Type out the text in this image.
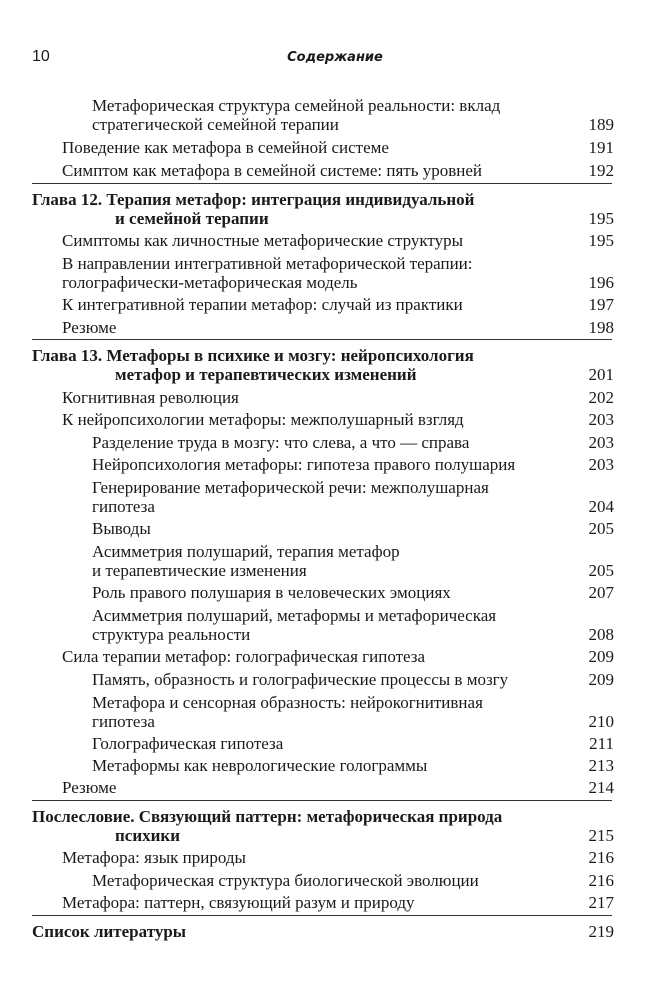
10	Содержание
Метафорическая структура семейной реальности: вклад
стратегической семейной терапии	189
Поведение как метафора в семейной системе	191
Симптом как метафора в семейной системе: пять уровней	192
Глава 12. Терапия метафор: интеграция индивидуальной
и семейной терапии	195
Симптомы как личностные метафорические структуры	195
В направлении интегративной метафорической терапии:
голографически-метафорическая модель	196
К интегративной терапии метафор: случай из практики	197
Резюме	198
Глава 13. Метафоры в психике и мозгу: нейропсихология
метафор и терапевтических изменений	201
Когнитивная революция	202
К нейропсихологии метафоры: межполушарный взгляд	203
Разделение труда в мозгу: что слева, а что — справа	203
Нейропсихология метафоры: гипотеза правого полушария	203
Генерирование метафорической речи: межполушарная
гипотеза	204
Выводы	205
Асимметрия полушарий, терапия метафор
и терапевтические изменения	205
Роль правого полушария в человеческих эмоциях	207
Асимметрия полушарий, метаформы и метафорическая
структура реальности	208
Сила терапии метафор: голографическая гипотеза	209
Память, образность и голографические процессы в мозгу	209
Метафора и сенсорная образность: нейрокогнитивная
гипотеза	210
Голографическая гипотеза	211
Метаформы как неврологические голограммы	213
Резюме	214
Послесловие. Связующий паттерн: метафорическая природа
психики	215
Метафора: язык природы	216
Метафорическая структура биологической эволюции	216
Метафора: паттерн, связующий разум и природу	217
Список литературы	219
